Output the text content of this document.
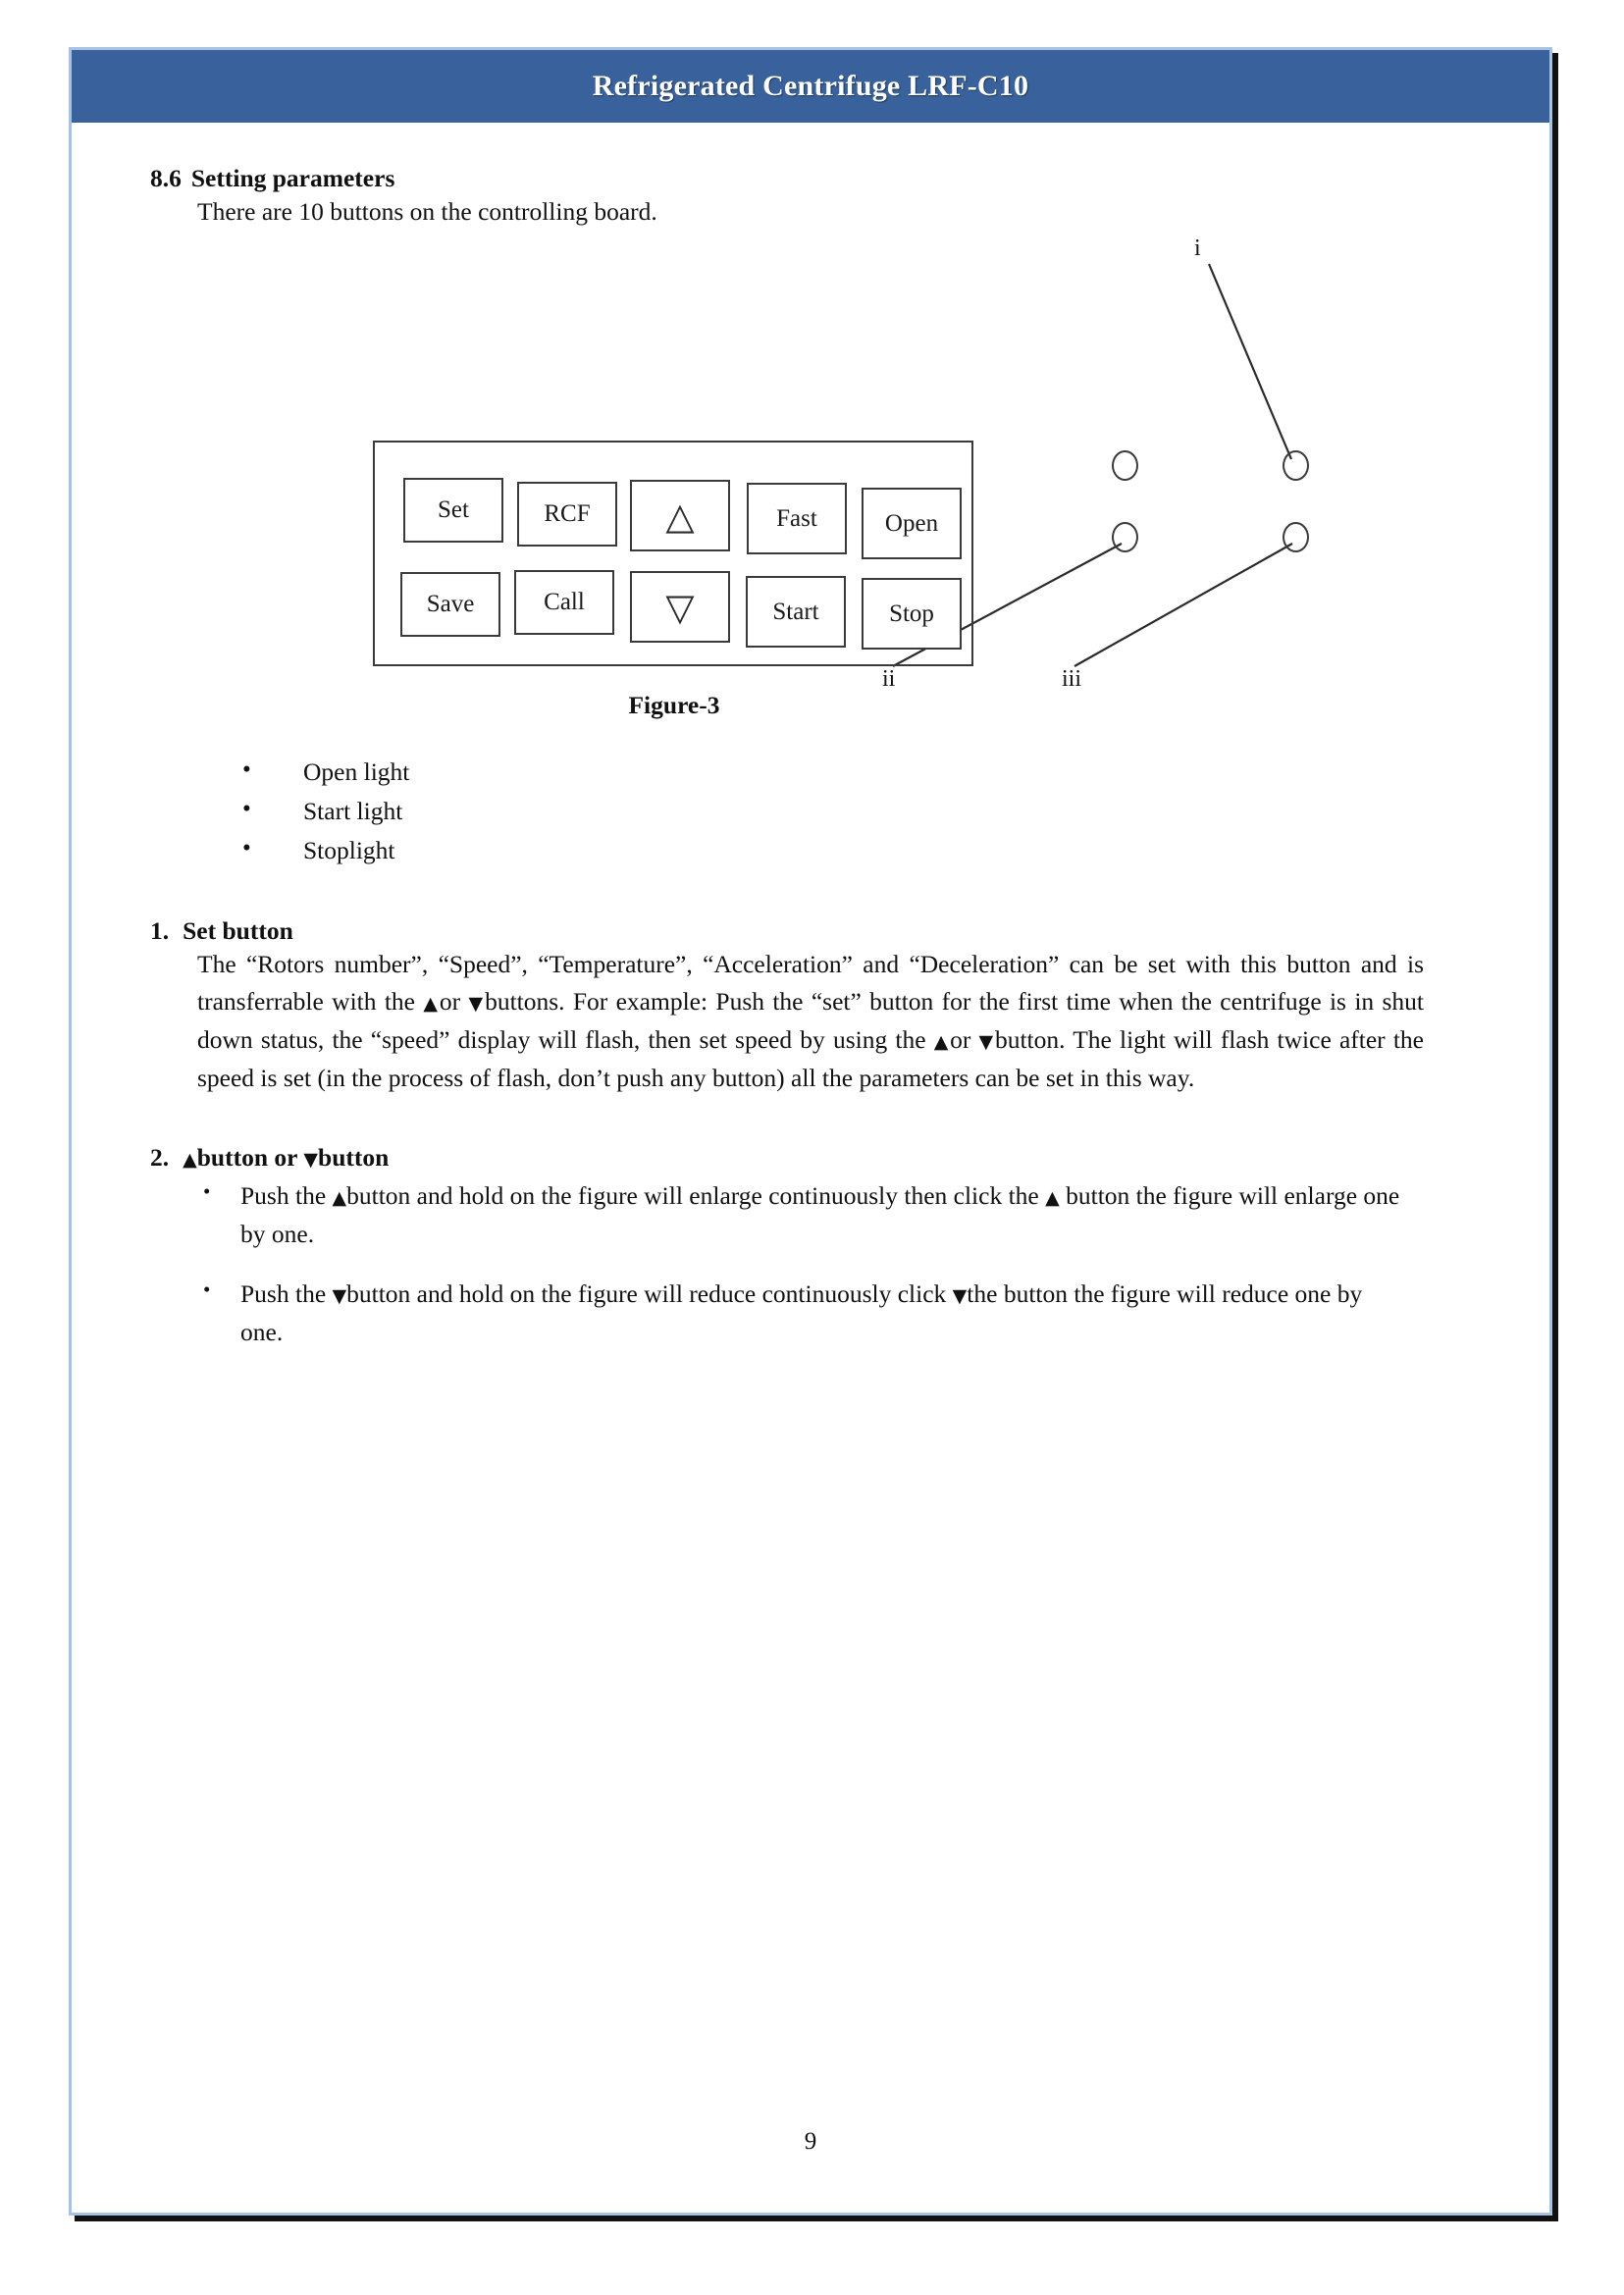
Refrigerated Centrifuge LRF-C10
8.6 Setting parameters

There are 10 buttons on the controlling board.

i
ii	iii
Set	RCF △	Fast	Open
Save	Call ▽	Start	Stop
Figure-3
• Open light
• Start light
• Stoplight
1. Set button

The “Rotors number”, “Speed”, “Temperature”, “Acceleration” and “Deceleration” can be set with this button and is transferrable with the ▲or ▼buttons. For example: Push the “set” button for the first time when the centrifuge is in shut down status, the “speed” display will flash, then set speed by using the ▲or ▼button. The light will flash twice after the speed is set (in the process of flash, don’t push any button) all the parameters can be set in this way.

2. ▲button or ▼button
• Push the ▲button and hold on the figure will enlarge continuously then click the ▲ button the figure will enlarge one by one.
• Push the ▼button and hold on the figure will reduce continuously click ▼the button the figure will reduce one by one.
9
